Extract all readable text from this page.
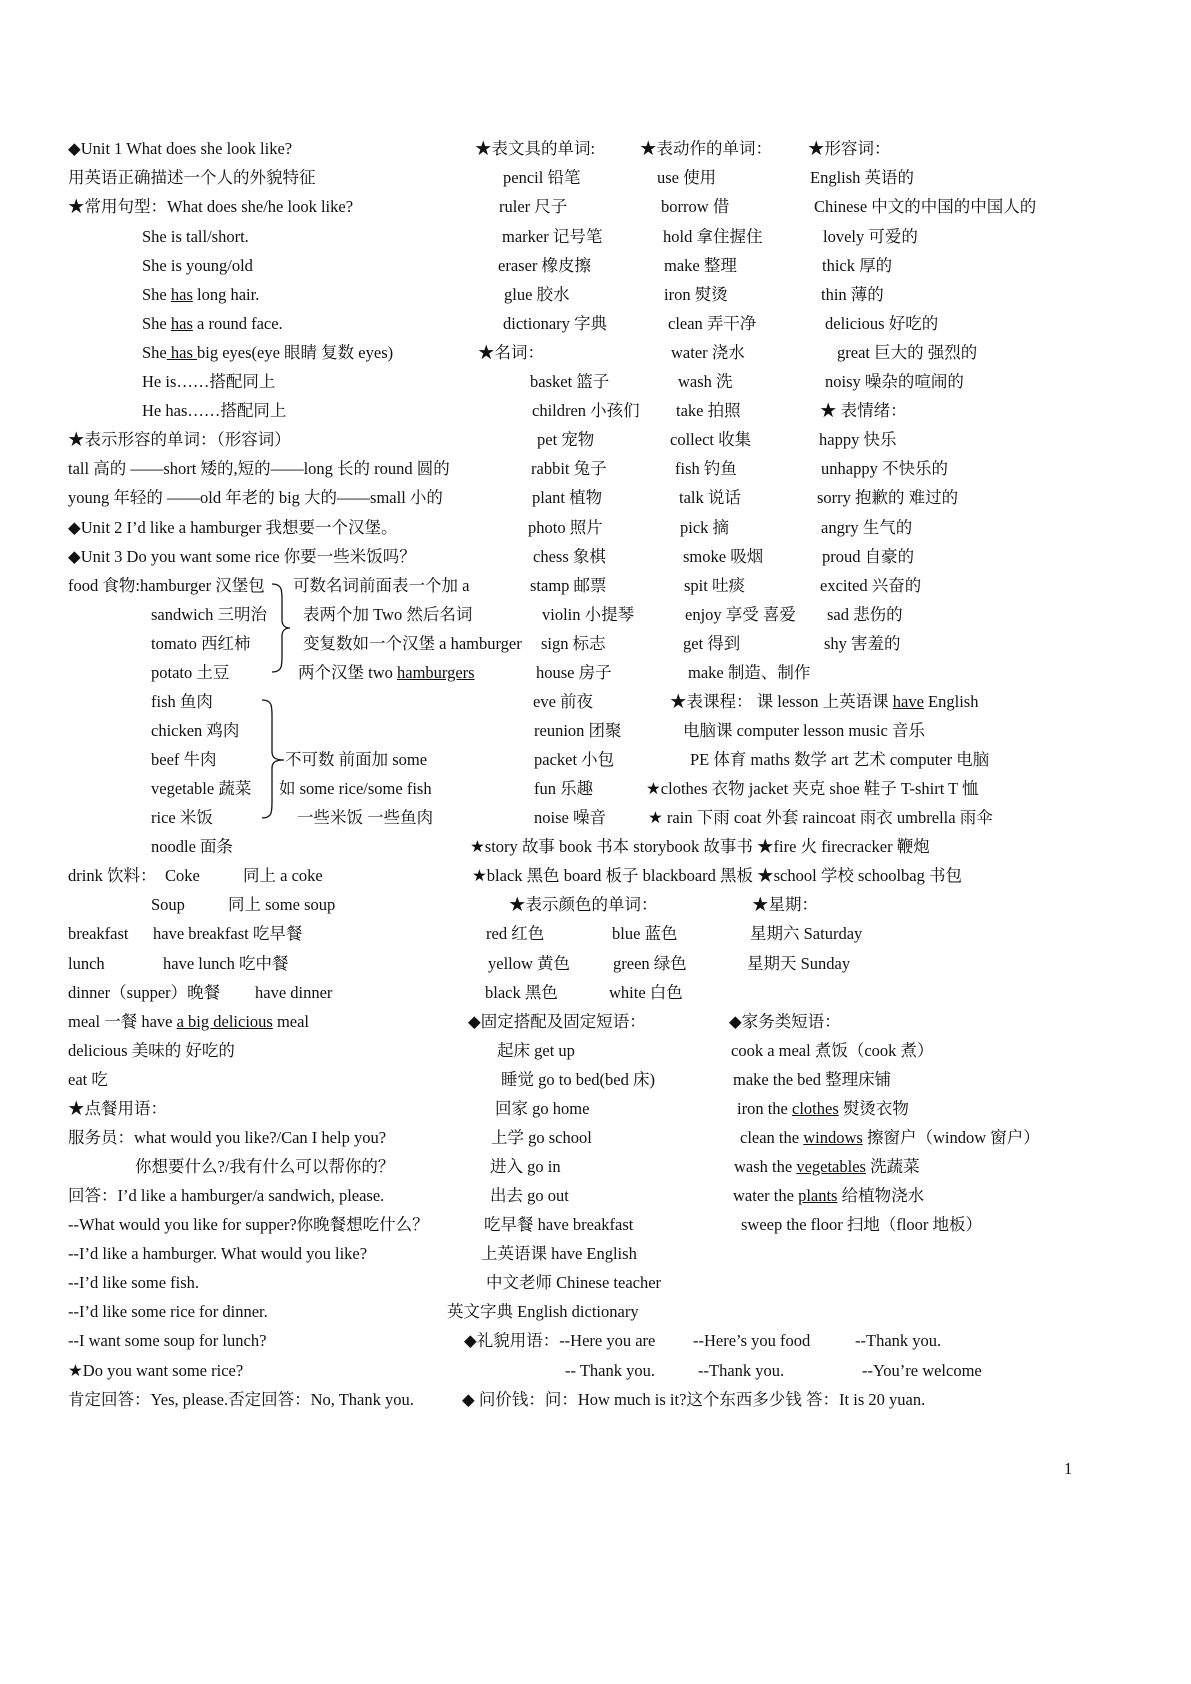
◆Unit 1 What does she look like?
用英语正确描述一个人的外貌特征
★常用句型：What does she/he look like?
She is tall/short.
She is young/old
She has long hair.
She has a round face.
She has big eyes(eye 眼睛 复数 eyes)
He is……搭配同上
He has……搭配同上
★表示形容的单词：（形容词）
tall 高的 ——short 矮的,短的——long 长的 round 圆的
young 年轻的 ——old 年老的 big 大的——small 小的
◆Unit 2 I’d like a hamburger 我想要一个汉堡。
◆Unit 3 Do you want some rice 你要一些米饭吗？
food 食物:hamburger 汉堡包
sandwich 三明治
tomato 西红柿
potato 土豆
fish 鱼肉
chicken 鸡肉
beef 牛肉
vegetable 蔬菜
rice 米饭
noodle 面条
可数名词前面表一个加 a
表两个加 Two 然后名词
变复数如一个汉堡 a hamburger
两个汉堡 two hamburgers
不可数 前面加 some
如 some rice/some fish
一些米饭 一些鱼肉
drink 饮料： Coke	同上 a coke
Soup	同上 some soup
breakfast have breakfast 吃早餐
lunch	have lunch 吃中餐
dinner（supper）晚餐 have dinner
meal 一餐 have a big delicious meal
delicious 美味的 好吃的
eat 吃
★点餐用语：
服务员：what would you like?/Can I help you?
你想要什么?/我有什么可以帮你的？
回答：I’d like a hamburger/a sandwich, please.
--What would you like for supper?你晚餐想吃什么？
--I’d like a hamburger. What would you like?
--I’d like some fish.
--I’d like some rice for dinner.
--I want some soup for lunch?
★Do you want some rice?
肯定回答：Yes, please.否定回答：No, Thank you.
★表文具的单词:
pencil 铅笔
ruler 尺子
marker 记号笔
eraser 橡皮擦
glue 胶水
dictionary 字典
★名词：
basket 篮子
children 小孩们
pet 宠物
rabbit 兔子
plant 植物
photo 照片
chess 象棋
stamp 邮票
violin 小提琴
sign 标志
house 房子
eve 前夜
reunion 团聚
packet 小包
fun 乐趣
noise 噪音
★表动作的单词：
use 使用
borrow 借
hold 拿住握住
make 整理
iron 熨烫
clean 弄干净
water 浇水
wash 洗
take 拍照
collect 收集
fish 钓鱼
talk 说话
pick 摘
smoke 吸烟
spit 吐痰
enjoy 享受 喜爱
get 得到
make 制造、制作
★形容词：
English 英语的
Chinese 中文的中国的中国人的
lovely 可爱的
thick 厚的
thin 薄的
delicious 好吃的
great 巨大的 强烈的
noisy 噪杂的喧闹的
★ 表情绪：
happy 快乐
unhappy 不快乐的
sorry 抱歉的 难过的
angry 生气的
proud 自豪的
excited 兴奋的
sad 悲伤的
shy 害羞的
★表课程： 课 lesson 上英语课 have English
电脑课 computer lesson music 音乐
PE 体育 maths 数学 art 艺术 computer 电脑
★clothes 衣物 jacket 夹克 shoe 鞋子 T-shirt T 恤
★ rain 下雨 coat 外套 raincoat 雨衣 umbrella 雨伞
★story 故事 book 书本 storybook 故事书 ★fire 火 firecracker 鞭炮
★black 黑色 board 板子 blackboard 黑板 ★school 学校 schoolbag 书包
★表示颜色的单词：
red 红色	blue 蓝色
yellow 黄色	green 绿色
black 黑色	white 白色
★星期：
星期六 Saturday
星期天 Sunday
◆固定搭配及固定短语：
起床 get up
睡觉 go to bed(bed 床)
回家 go home
上学 go school
进入 go in
出去 go out
吃早餐 have breakfast
上英语课 have English
中文老师 Chinese teacher
英文字典 English dictionary
◆家务类短语：
cook a meal 煮饭（cook 煮）
make the bed 整理床铺
iron the clothes 熨烫衣物
clean the windows 擦窗户（window 窗户）
wash the vegetables 洗蔬菜
water the plants 给植物浇水
sweep the floor 扫地（floor 地板）
◆礼貌用语：--Here you are --Here’s you food	--Thank you.
-- Thank you.	--Thank you.	--You’re welcome
◆ 问价钱：问：How much is it?这个东西多少钱 答：It is 20 yuan.
1
